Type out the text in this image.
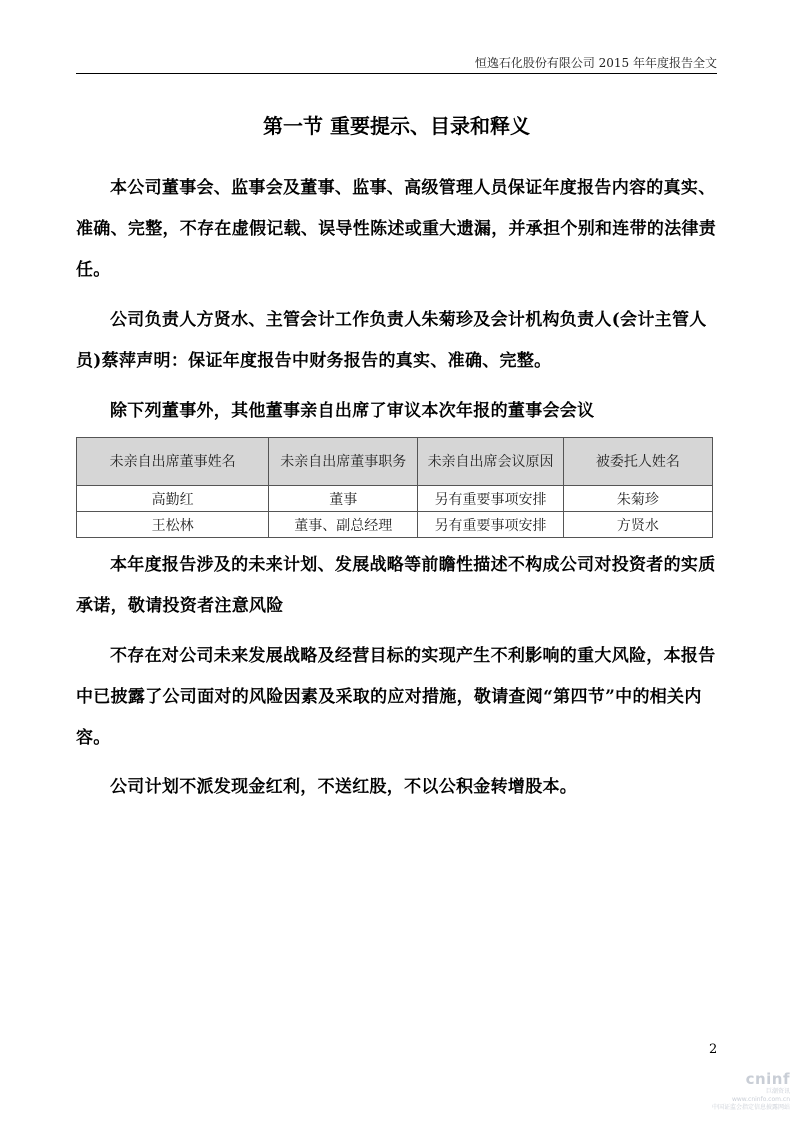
恒逸石化股份有限公司 2015 年年度报告全文
第一节 重要提示、目录和释义

本公司董事会、监事会及董事、监事、高级管理人员保证年度报告内容的真实、准确、完整，不存在虚假记载、误导性陈述或重大遗漏，并承担个别和连带的法律责任。

公司负责人方贤水、主管会计工作负责人朱菊珍及会计机构负责人(会计主管人员)蔡萍声明：保证年度报告中财务报告的真实、准确、完整。

除下列董事外，其他董事亲自出席了审议本次年报的董事会会议

未亲自出席董事姓名	未亲自出席董事职务	未亲自出席会议原因	被委托人姓名
高勤红	董事	另有重要事项安排	朱菊珍
王松林	董事、副总经理	另有重要事项安排	方贤水

本年度报告涉及的未来计划、发展战略等前瞻性描述不构成公司对投资者的实质承诺，敬请投资者注意风险

不存在对公司未来发展战略及经营目标的实现产生不利影响的重大风险，本报告中已披露了公司面对的风险因素及采取的应对措施，敬请查阅“第四节”中的相关内容。

公司计划不派发现金红利，不送红股，不以公积金转增股本。

2
cninf
巨潮资讯
www.cninfo.com.cn
中国证监会指定信息披露网站
